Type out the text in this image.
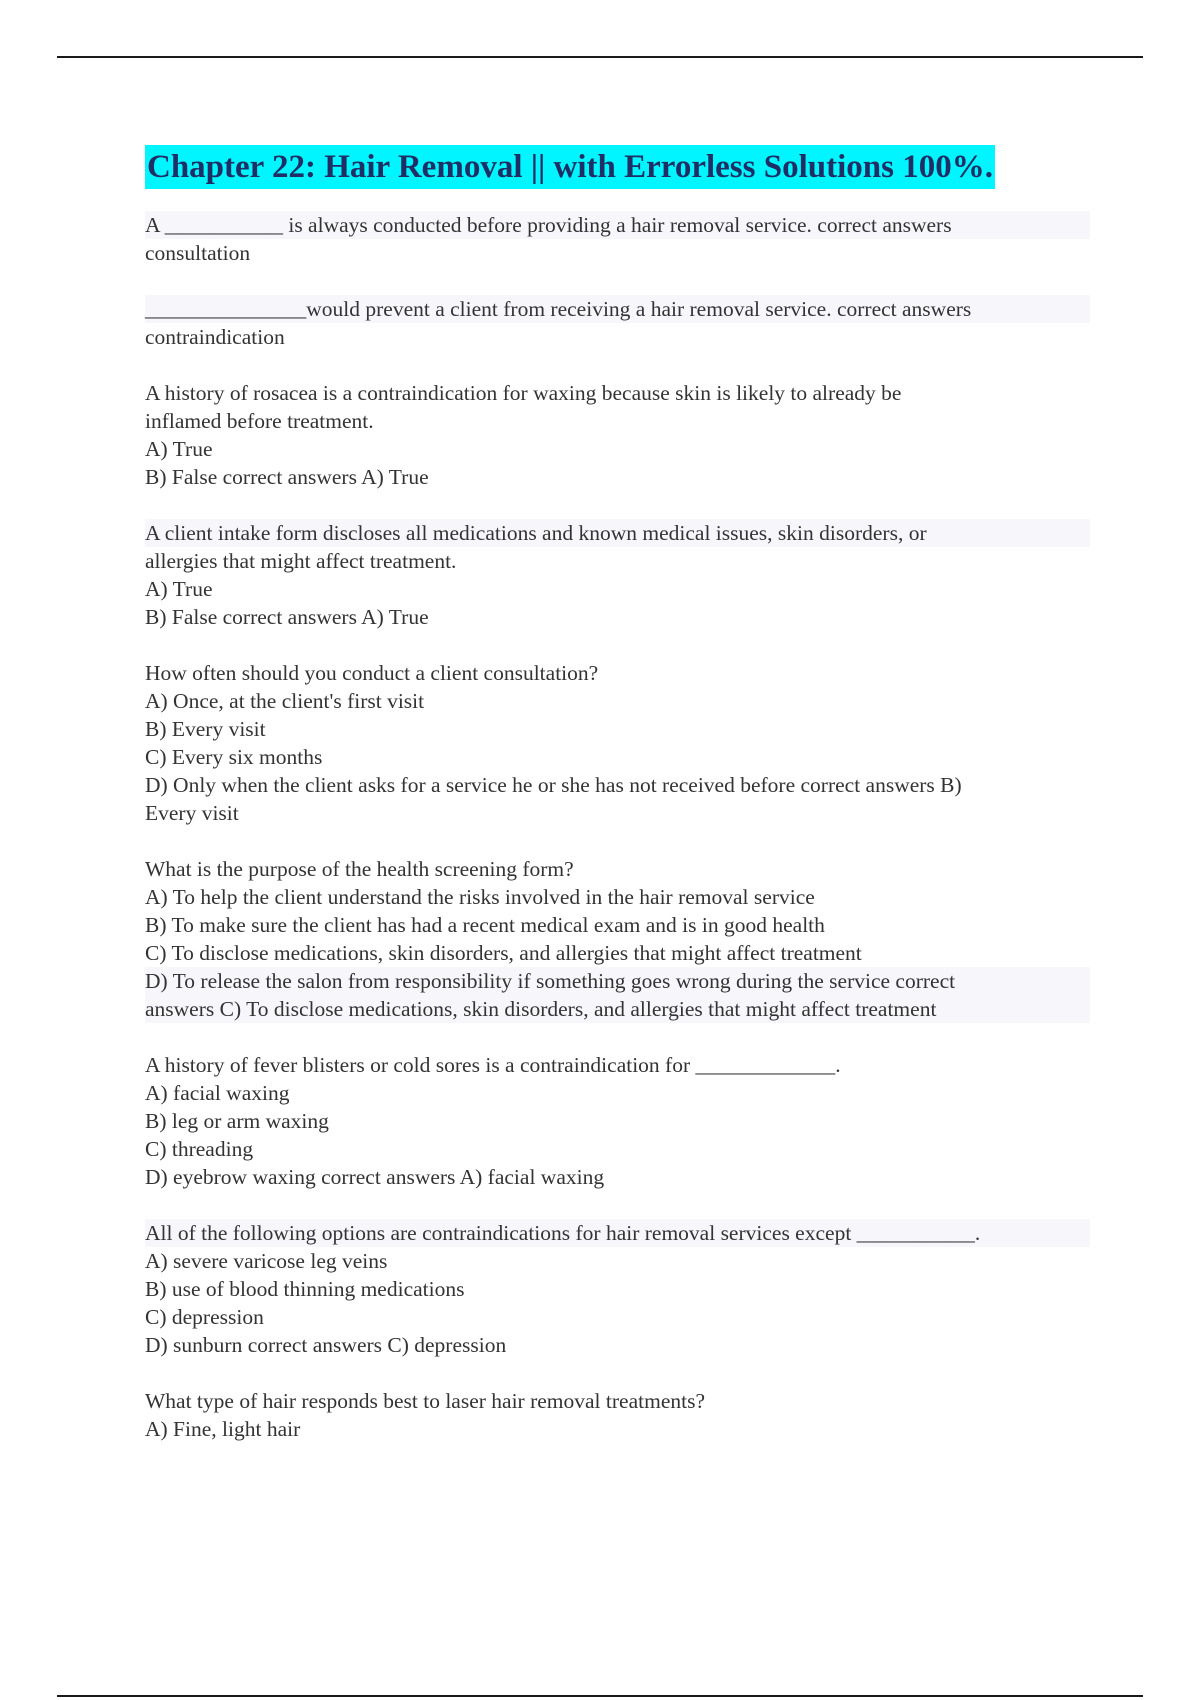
Chapter 22: Hair Removal || with Errorless Solutions 100%.
A ___________ is always conducted before providing a hair removal service. correct answers
consultation
_______________would prevent a client from receiving a hair removal service. correct answers
contraindication
A history of rosacea is a contraindication for waxing because skin is likely to already be
inflamed before treatment.
A) True
B) False correct answers A) True
A client intake form discloses all medications and known medical issues, skin disorders, or
allergies that might affect treatment.
A) True
B) False correct answers A) True
How often should you conduct a client consultation?
A) Once, at the client's first visit
B) Every visit
C) Every six months
D) Only when the client asks for a service he or she has not received before correct answers B)
Every visit
What is the purpose of the health screening form?
A) To help the client understand the risks involved in the hair removal service
B) To make sure the client has had a recent medical exam and is in good health
C) To disclose medications, skin disorders, and allergies that might affect treatment
D) To release the salon from responsibility if something goes wrong during the service correct
answers C) To disclose medications, skin disorders, and allergies that might affect treatment
A history of fever blisters or cold sores is a contraindication for _____________.
A) facial waxing
B) leg or arm waxing
C) threading
D) eyebrow waxing correct answers A) facial waxing
All of the following options are contraindications for hair removal services except ___________.
A) severe varicose leg veins
B) use of blood thinning medications
C) depression
D) sunburn correct answers C) depression
What type of hair responds best to laser hair removal treatments?
A) Fine, light hair
